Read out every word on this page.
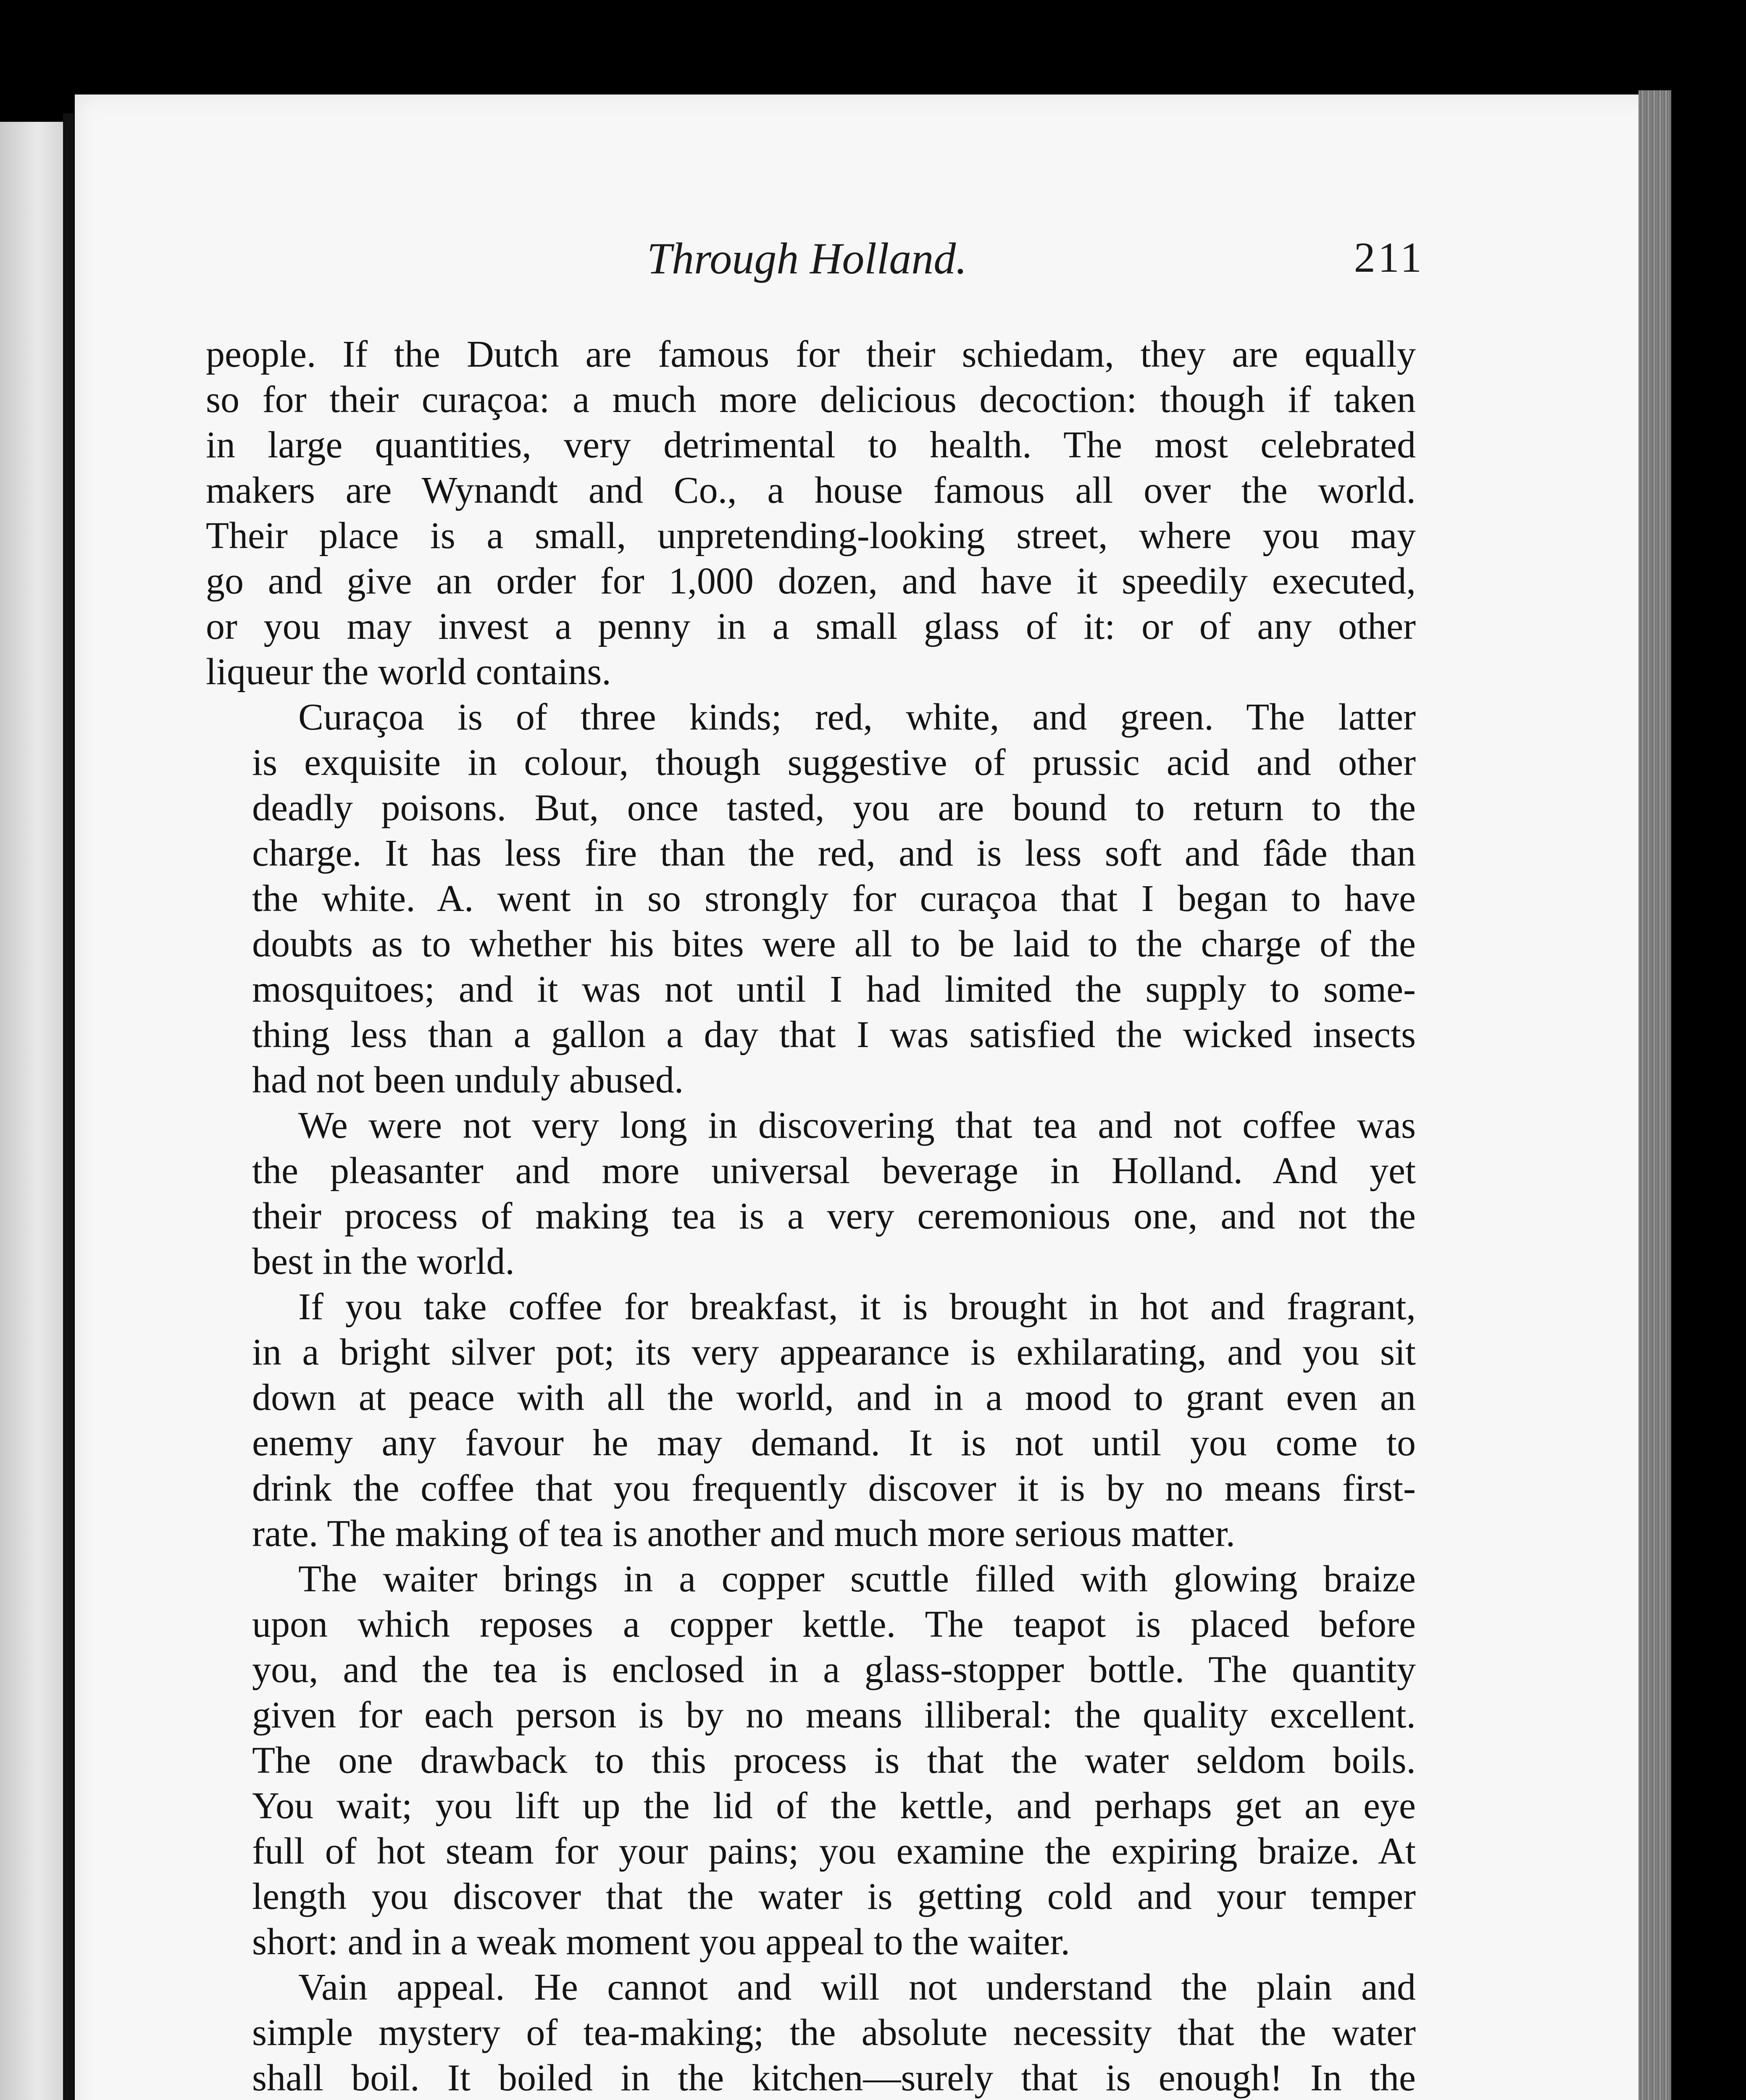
Through Holland.	211
people. If the Dutch are famous for their schiedam, they are equally
so for their curaçoa: a much more delicious decoction: though if taken
in large quantities, very detrimental to health. The most celebrated
makers are Wynandt and Co., a house famous all over the world.
Their place is a small, unpretending-looking street, where you may
go and give an order for 1,000 dozen, and have it speedily executed,
or you may invest a penny in a small glass of it: or of any other
liqueur the world contains.
Curaçoa is of three kinds; red, white, and green. The latter
is exquisite in colour, though suggestive of prussic acid and other
deadly poisons. But, once tasted, you are bound to return to the
charge. It has less fire than the red, and is less soft and fâde than
the white. A. went in so strongly for curaçoa that I began to have
doubts as to whether his bites were all to be laid to the charge of the
mosquitoes; and it was not until I had limited the supply to some-
thing less than a gallon a day that I was satisfied the wicked insects
had not been unduly abused.
We were not very long in discovering that tea and not coffee was
the pleasanter and more universal beverage in Holland. And yet
their process of making tea is a very ceremonious one, and not the
best in the world.
If you take coffee for breakfast, it is brought in hot and fragrant,
in a bright silver pot; its very appearance is exhilarating, and you sit
down at peace with all the world, and in a mood to grant even an
enemy any favour he may demand. It is not until you come to
drink the coffee that you frequently discover it is by no means first-
rate. The making of tea is another and much more serious matter.
The waiter brings in a copper scuttle filled with glowing braize
upon which reposes a copper kettle. The teapot is placed before
you, and the tea is enclosed in a glass-stopper bottle. The quantity
given for each person is by no means illiberal: the quality excellent.
The one drawback to this process is that the water seldom boils.
You wait; you lift up the lid of the kettle, and perhaps get an eye
full of hot steam for your pains; you examine the expiring braize. At
length you discover that the water is getting cold and your temper
short: and in a weak moment you appeal to the waiter.
Vain appeal. He cannot and will not understand the plain and
simple mystery of tea-making; the absolute necessity that the water
shall boil. It boiled in the kitchen—surely that is enough! In the
